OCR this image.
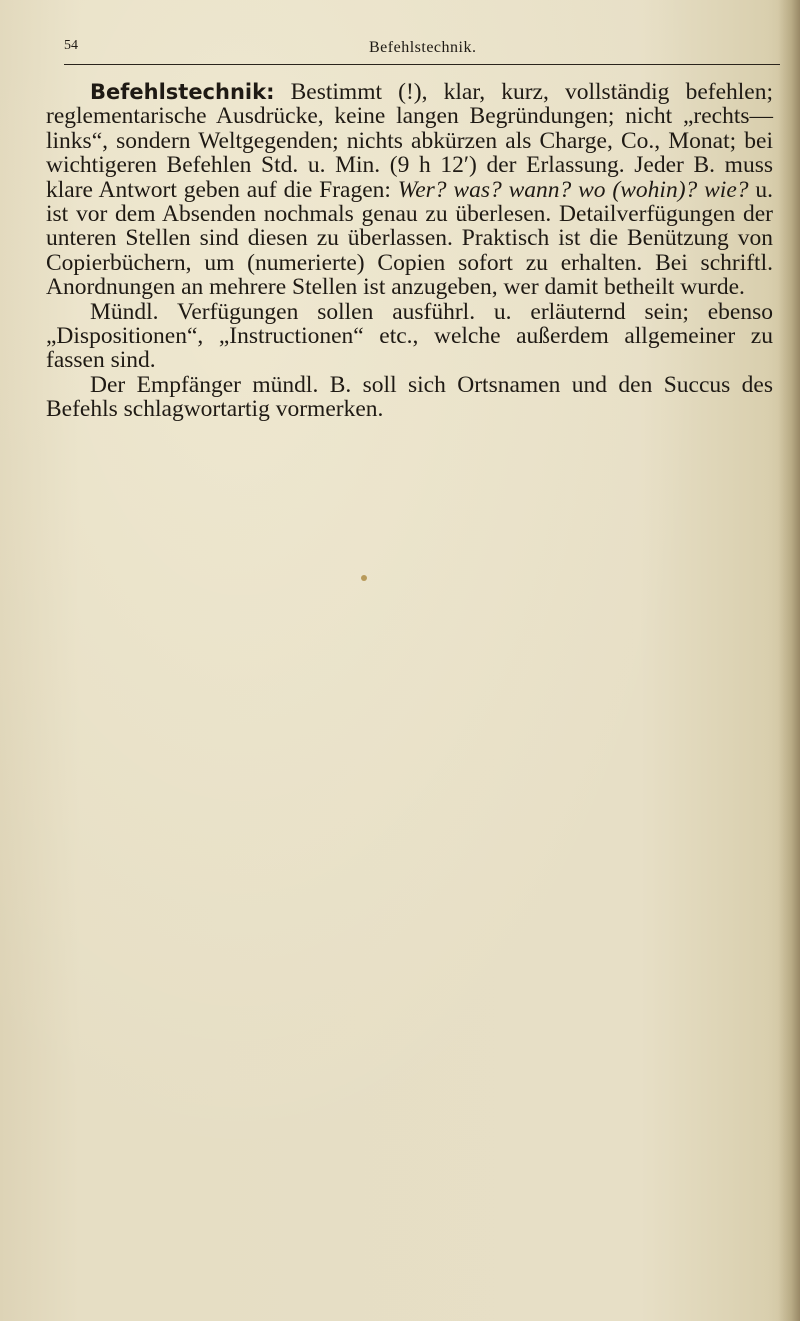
54	Befehlstechnik.

Befehlstechnik: Bestimmt (!), klar, kurz, vollständig befehlen; reglementarische Ausdrücke, keine langen Begründungen; nicht „rechts—links“, sondern Weltgegenden; nichts abkürzen als Charge, Co., Monat; bei wichtigeren Befehlen Std. u. Min. (9 h 12′) der Erlassung. Jeder B. muss klare Antwort geben auf die Fragen: Wer? was? wann? wo (wohin)? wie? u. ist vor dem Absenden nochmals genau zu überlesen. Detailverfügungen der unteren Stellen sind diesen zu überlassen. Praktisch ist die Benützung von Copierbüchern, um (numerierte) Copien sofort zu erhalten. Bei schriftl. Anordnungen an mehrere Stellen ist anzugeben, wer damit betheilt wurde.

Mündl. Verfügungen sollen ausführl. u. erläuternd sein; ebenso „Dispositionen“, „Instructionen“ etc., welche außerdem allgemeiner zu fassen sind.

Der Empfänger mündl. B. soll sich Ortsnamen und den Succus des Befehls schlagwortartig vormerken.
